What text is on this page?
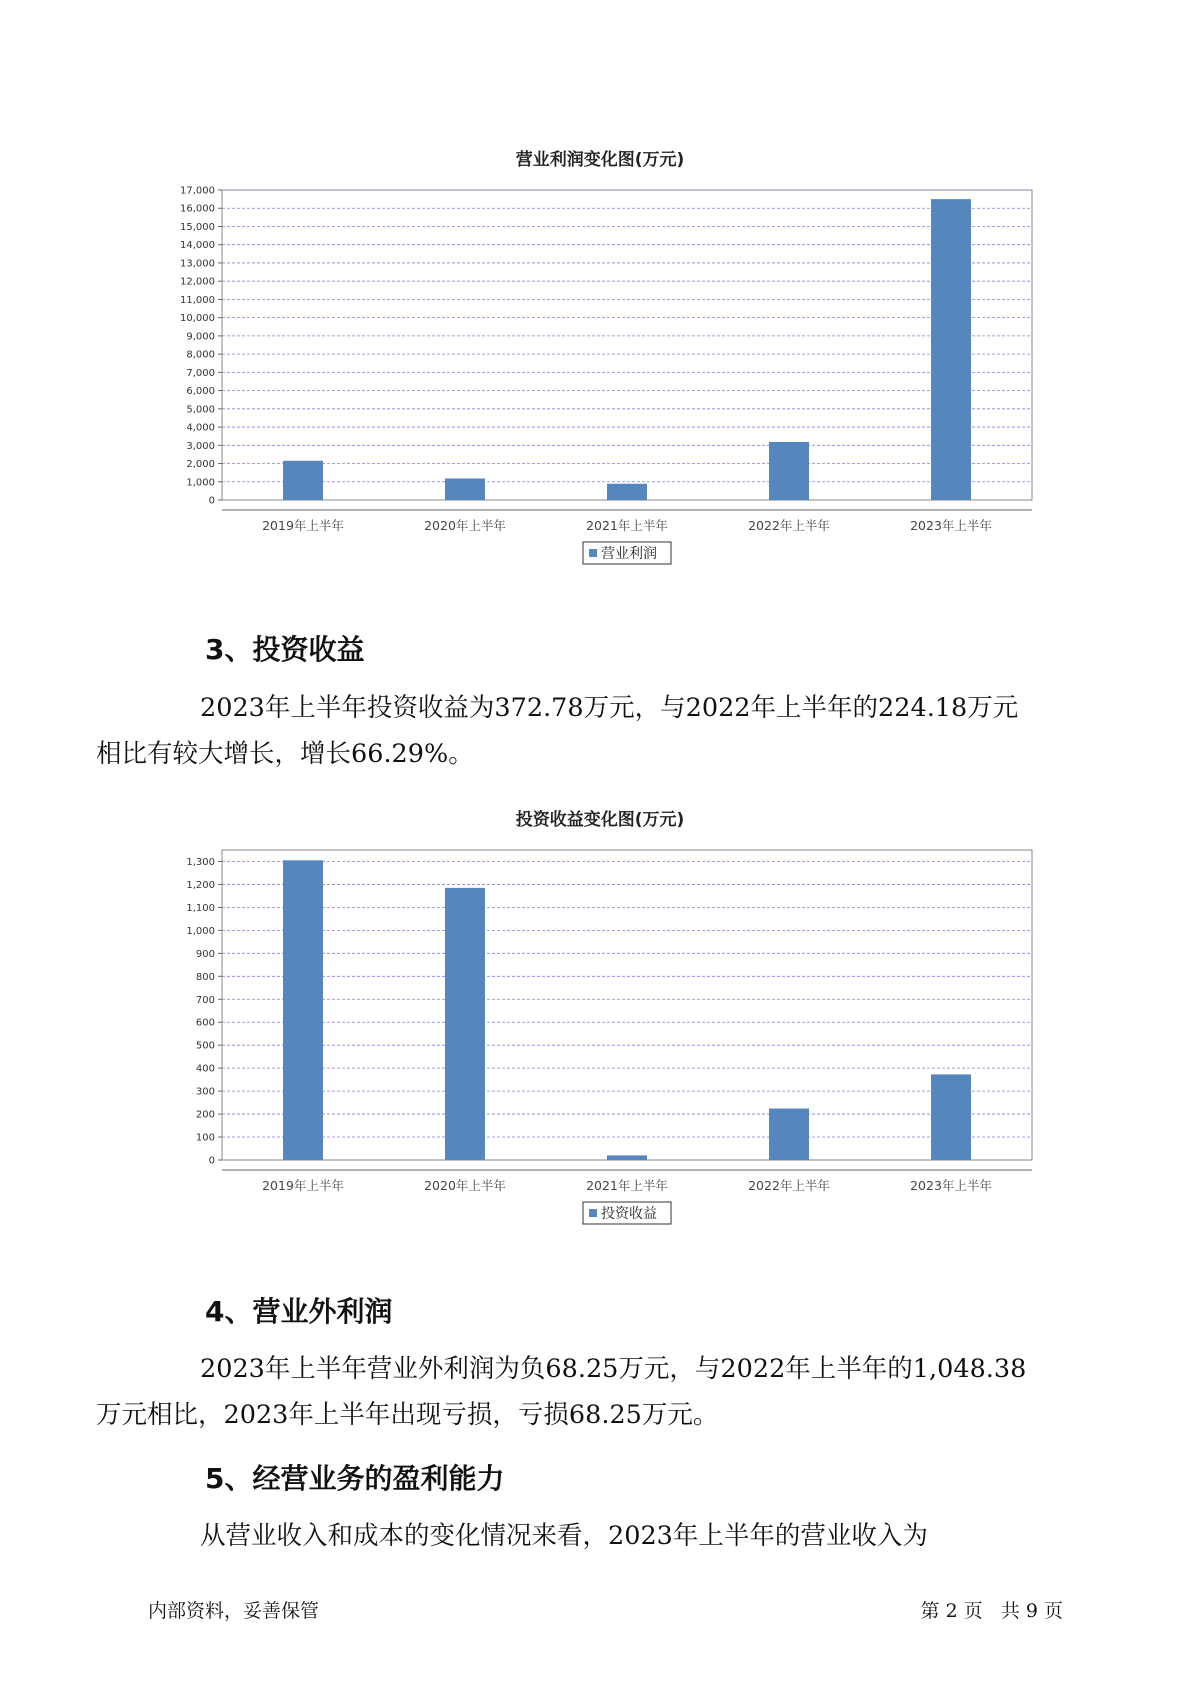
营业利润变化图(万元)
0
1,000
2,000
3,000
4,000
5,000
6,000
7,000
8,000
9,000
10,000
11,000
12,000
13,000
14,000
15,000
16,000
17,000
2019年上半年	2020年上半年	2021年上半年	2022年上半年	2023年上半年
营业利润
3、投资收益

2023年上半年投资收益为372.78万元，与2022年上半年的224.18万元
相比有较大增长，增长66.29%。

投资收益变化图(万元)
0
100
200
300
400
500
600
700
800
900
1,000
1,100
1,200
1,300
2019年上半年	2020年上半年	2021年上半年	2022年上半年	2023年上半年
投资收益
4、营业外利润

2023年上半年营业外利润为负68.25万元，与2022年上半年的1,048.38
万元相比，2023年上半年出现亏损，亏损68.25万元。

5、经营业务的盈利能力

从营业收入和成本的变化情况来看，2023年上半年的营业收入为

内部资料，妥善保管	第 2 页   共 9 页
